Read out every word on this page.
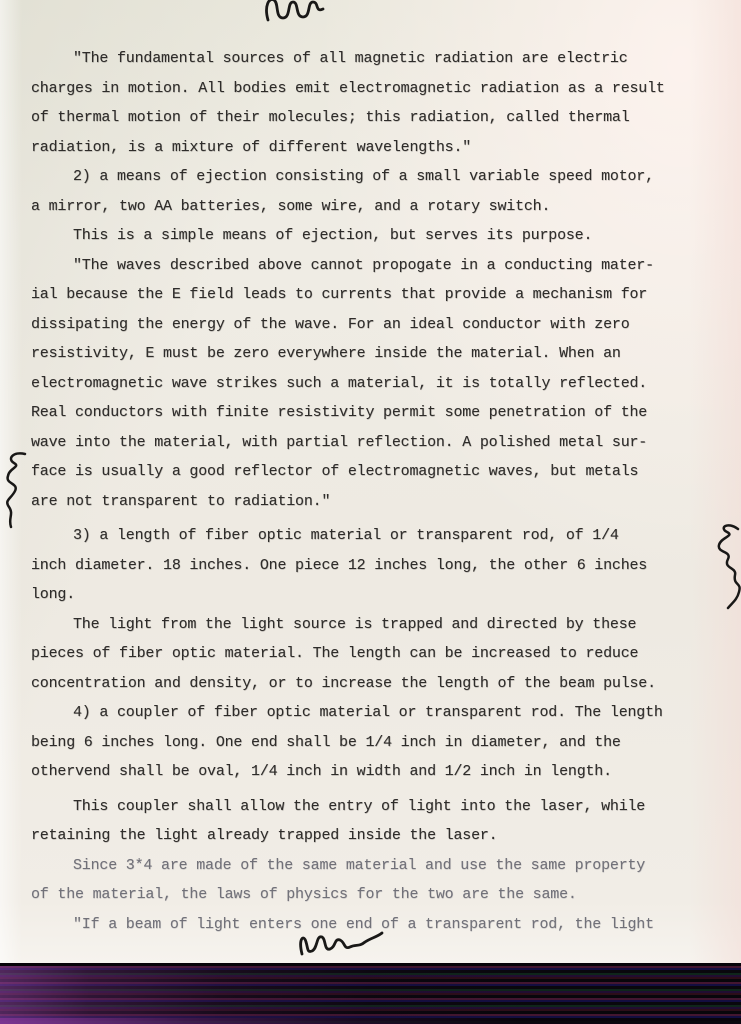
"The fundamental sources of all magnetic radiation are electric
charges in motion. All bodies emit electromagnetic radiation as a result
of thermal motion of their molecules; this radiation, called thermal
radiation, is a mixture of different wavelengths."
2) a means of ejection consisting of a small variable speed motor,
a mirror, two AA batteries, some wire, and a rotary switch.
This is a simple means of ejection, but serves its purpose.
"The waves described above cannot propogate in a conducting mater-
ial because the E field leads to currents that provide a mechanism for
dissipating the energy of the wave. For an ideal conductor with zero
resistivity, E must be zero everywhere inside the material. When an
electromagnetic wave strikes such a material, it is totally reflected.
Real conductors with finite resistivity permit some penetration of the
wave into the material, with partial reflection. A polished metal sur-
face is usually a good reflector of electromagnetic waves, but metals
are not transparent to radiation."
3) a length of fiber optic material or transparent rod, of 1/4
inch diameter. 18 inches. One piece 12 inches long, the other 6 inches
long.
The light from the light source is trapped and directed by these
pieces of fiber optic material. The length can be increased to reduce
concentration and density, or to increase the length of the beam pulse.
4) a coupler of fiber optic material or transparent rod. The length
being 6 inches long. One end shall be 1/4 inch in diameter, and the
othervend shall be oval, 1/4 inch in width and 1/2 inch in length.
This coupler shall allow the entry of light into the laser, while
retaining the light already trapped inside the laser.
Since 3*4 are made of the same material and use the same property
of the material, the laws of physics for the two are the same.
"If a beam of light enters one end of a transparent rod, the light
